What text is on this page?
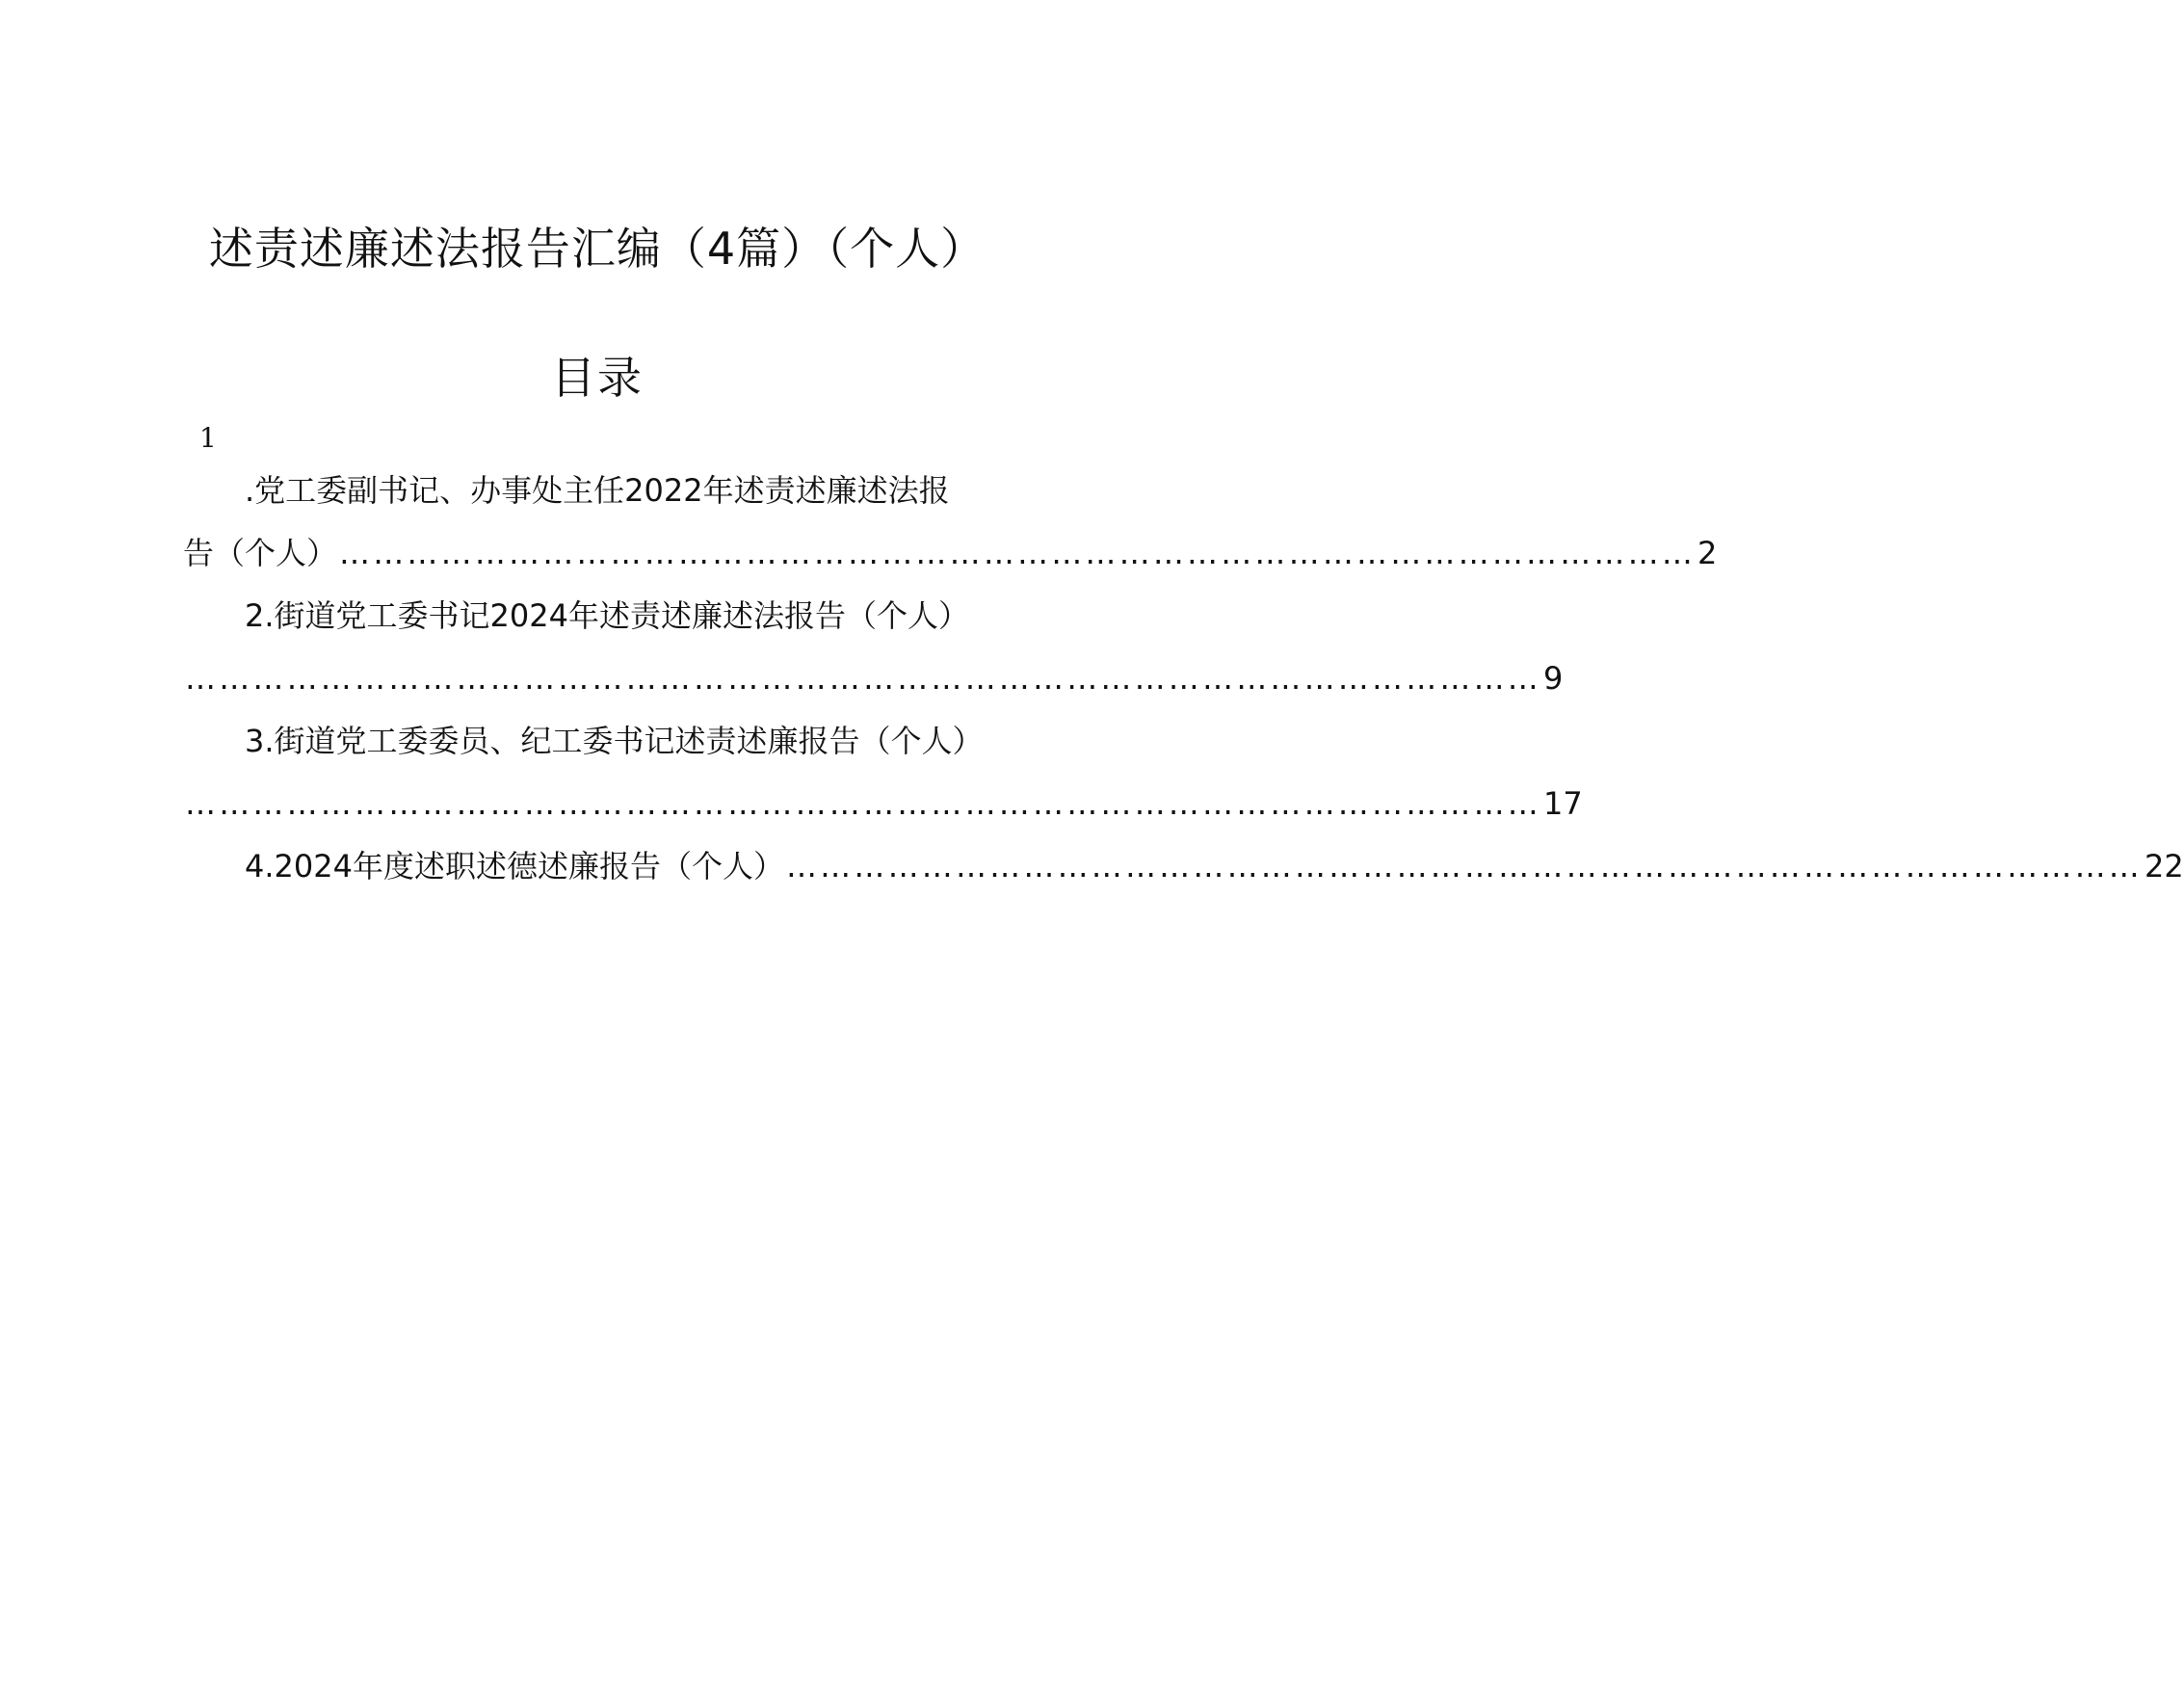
述责述廉述法报告汇编（4篇）（个人）
目录
1
.党工委副书记、办事处主任2022年述责述廉述法报
告（个人） ………………………………………………………………………………………………………… 2
2.街道党工委书记2024年述责述廉述法报告（个人）
………………………………………………………………………………………………………… 9
3.街道党工委委员、纪工委书记述责述廉报告（个人）
………………………………………………………………………………………………………… 17
4.2024年度述职述德述廉报告（个人） ………………………………………………………………………………………………………… 22
